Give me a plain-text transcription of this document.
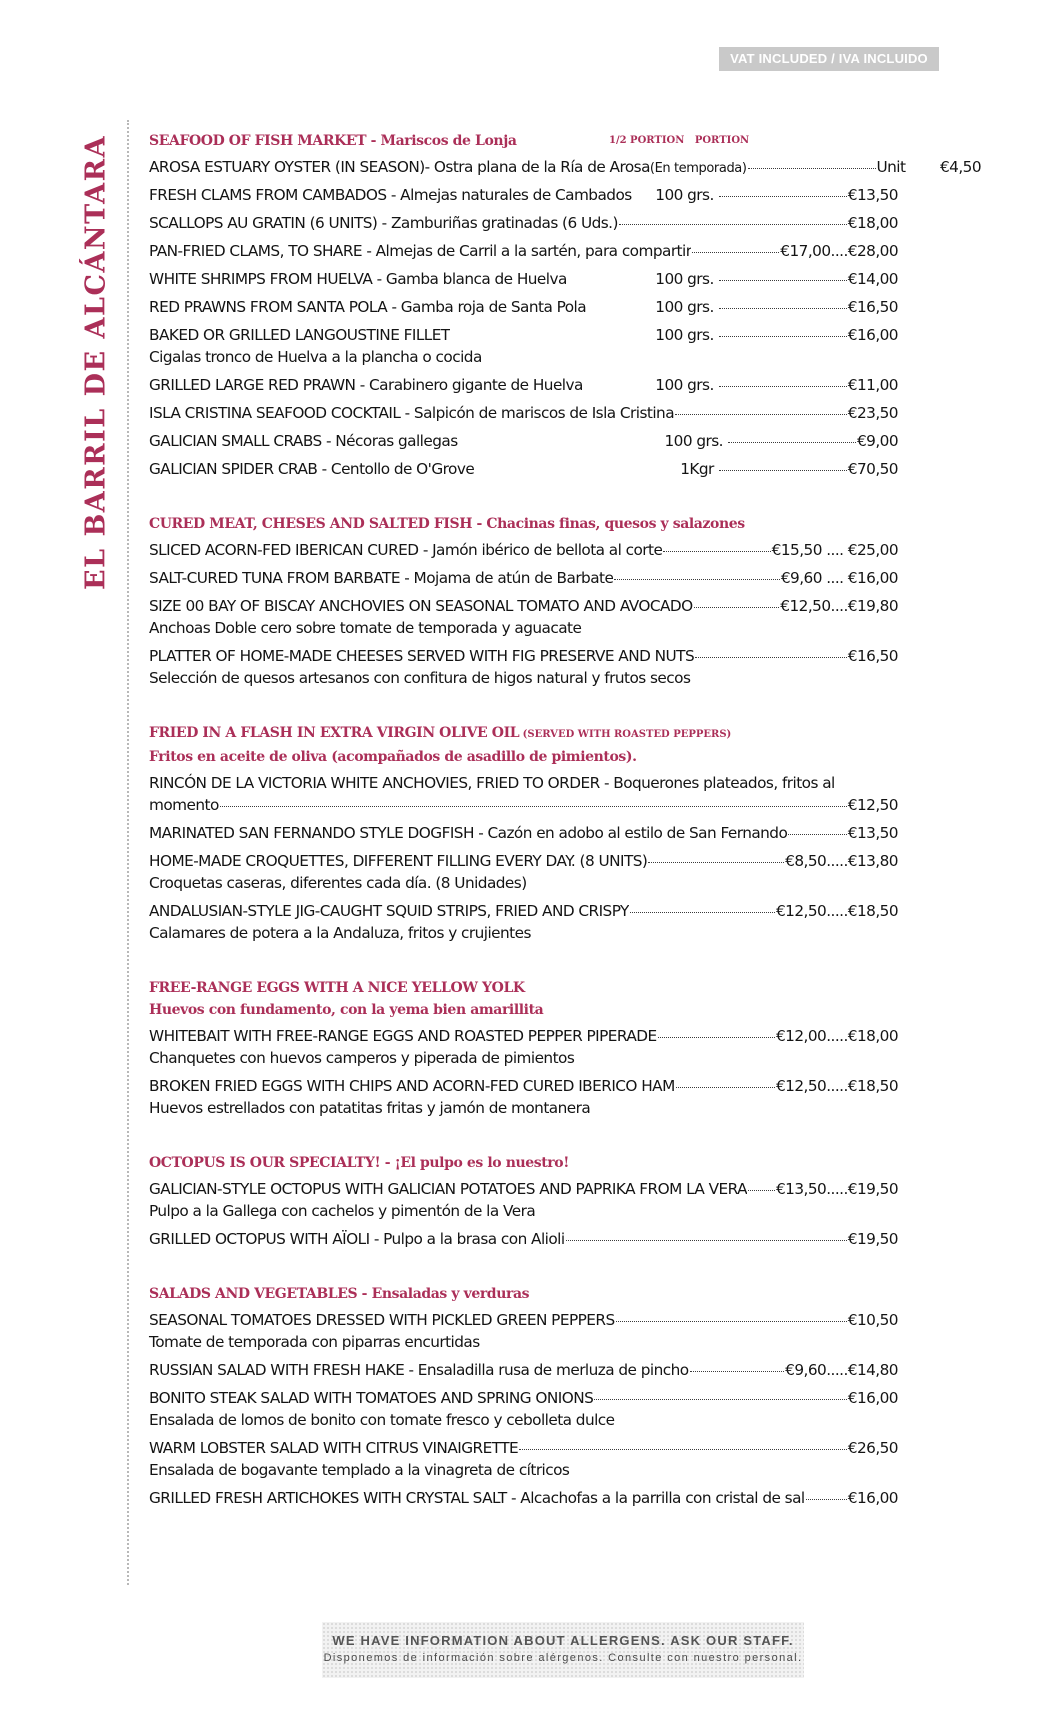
VAT INCLUDED / IVA INCLUIDO
EL BARRIL DE ALCÁNTARA	SEAFOOD OF FISH MARKET - Mariscos de Lonja	1/2 PORTION   PORTION
AROSA ESTUARY OYSTER (IN SEASON)- Ostra plana de la Ría de Arosa (En temporada)	Unit        €4,50
FRESH CLAMS FROM CAMBADOS - Almejas naturales de Cambados 100 grs.	€13,50
SCALLOPS AU GRATIN (6 UNITS) - Zamburiñas gratinadas (6 Uds.)	€18,00
PAN-FRIED CLAMS, TO SHARE - Almejas de Carril a la sartén, para compartir	€17,00....€28,00
WHITE SHRIMPS FROM HUELVA - Gamba blanca de Huelva	100 grs.	€14,00
RED PRAWNS FROM SANTA POLA - Gamba roja de Santa Pola	100 grs.	€16,50
BAKED OR GRILLED LANGOUSTINE FILLET	100 grs.	€16,00
Cigalas tronco de Huelva a la plancha o cocida
GRILLED LARGE RED PRAWN - Carabinero gigante de Huelva	100 grs.	€11,00
ISLA CRISTINA SEAFOOD COCKTAIL - Salpicón de mariscos de Isla Cristina	€23,50
GALICIAN SMALL CRABS - Nécoras gallegas	100 grs.	€9,00
GALICIAN SPIDER CRAB - Centollo de O'Grove	1Kgr	€70,50
CURED MEAT, CHESES AND SALTED FISH - Chacinas finas, quesos y salazones
SLICED ACORN-FED IBERICAN CURED - Jamón ibérico de bellota al corte	€15,50 .... €25,00
SALT-CURED TUNA FROM BARBATE - Mojama de atún de Barbate	€9,60 .... €16,00
SIZE 00 BAY OF BISCAY ANCHOVIES ON SEASONAL TOMATO AND AVOCADO	€12,50....€19,80
Anchoas Doble cero sobre tomate de temporada y aguacate
PLATTER OF HOME-MADE CHEESES SERVED WITH FIG PRESERVE AND NUTS	€16,50
Selección de quesos artesanos con confitura de higos natural y frutos secos
FRIED IN A FLASH IN EXTRA VIRGIN OLIVE OIL (SERVED WITH ROASTED PEPPERS)
Fritos en aceite de oliva (acompañados de asadillo de pimientos).
RINCÓN DE LA VICTORIA WHITE ANCHOVIES, FRIED TO ORDER - Boquerones plateados, fritos al
momento	€12,50
MARINATED SAN FERNANDO STYLE DOGFISH - Cazón en adobo al estilo de San Fernando	€13,50
HOME-MADE CROQUETTES, DIFFERENT FILLING EVERY DAY. (8 UNITS)	€8,50.....€13,80
Croquetas caseras, diferentes cada día. (8 Unidades)
ANDALUSIAN-STYLE JIG-CAUGHT SQUID STRIPS, FRIED AND CRISPY	€12,50.....€18,50
Calamares de potera a la Andaluza, fritos y crujientes
FREE-RANGE EGGS WITH A NICE YELLOW YOLK
Huevos con fundamento, con la yema bien amarillita
WHITEBAIT WITH FREE-RANGE EGGS AND ROASTED PEPPER PIPERADE	€12,00.....€18,00
Chanquetes con huevos camperos y piperada de pimientos
BROKEN FRIED EGGS WITH CHIPS AND ACORN-FED CURED IBERICO HAM	€12,50.....€18,50
Huevos estrellados con patatitas fritas y jamón de montanera
OCTOPUS IS OUR SPECIALTY! - ¡El pulpo es lo nuestro!
GALICIAN-STYLE OCTOPUS WITH GALICIAN POTATOES AND PAPRIKA FROM LA VERA €13,50.....€19,50
Pulpo a la Gallega con cachelos y pimentón de la Vera
GRILLED OCTOPUS WITH AÏOLI - Pulpo a la brasa con Alioli	€19,50
SALADS AND VEGETABLES - Ensaladas y verduras
SEASONAL TOMATOES DRESSED WITH PICKLED GREEN PEPPERS	€10,50
Tomate de temporada con piparras encurtidas
RUSSIAN SALAD WITH FRESH HAKE - Ensaladilla rusa de merluza de pincho	€9,60.....€14,80
BONITO STEAK SALAD WITH TOMATOES AND SPRING ONIONS	€16,00
Ensalada de lomos de bonito con tomate fresco y cebolleta dulce
WARM LOBSTER SALAD WITH CITRUS VINAIGRETTE	€26,50
Ensalada de bogavante templado a la vinagreta de cítricos
GRILLED FRESH ARTICHOKES WITH CRYSTAL SALT - Alcachofas a la parrilla con cristal de sal	€16,00
WE HAVE INFORMATION ABOUT ALLERGENS. ASK OUR STAFF.
Disponemos de información sobre alérgenos. Consulte con nuestro personal.
